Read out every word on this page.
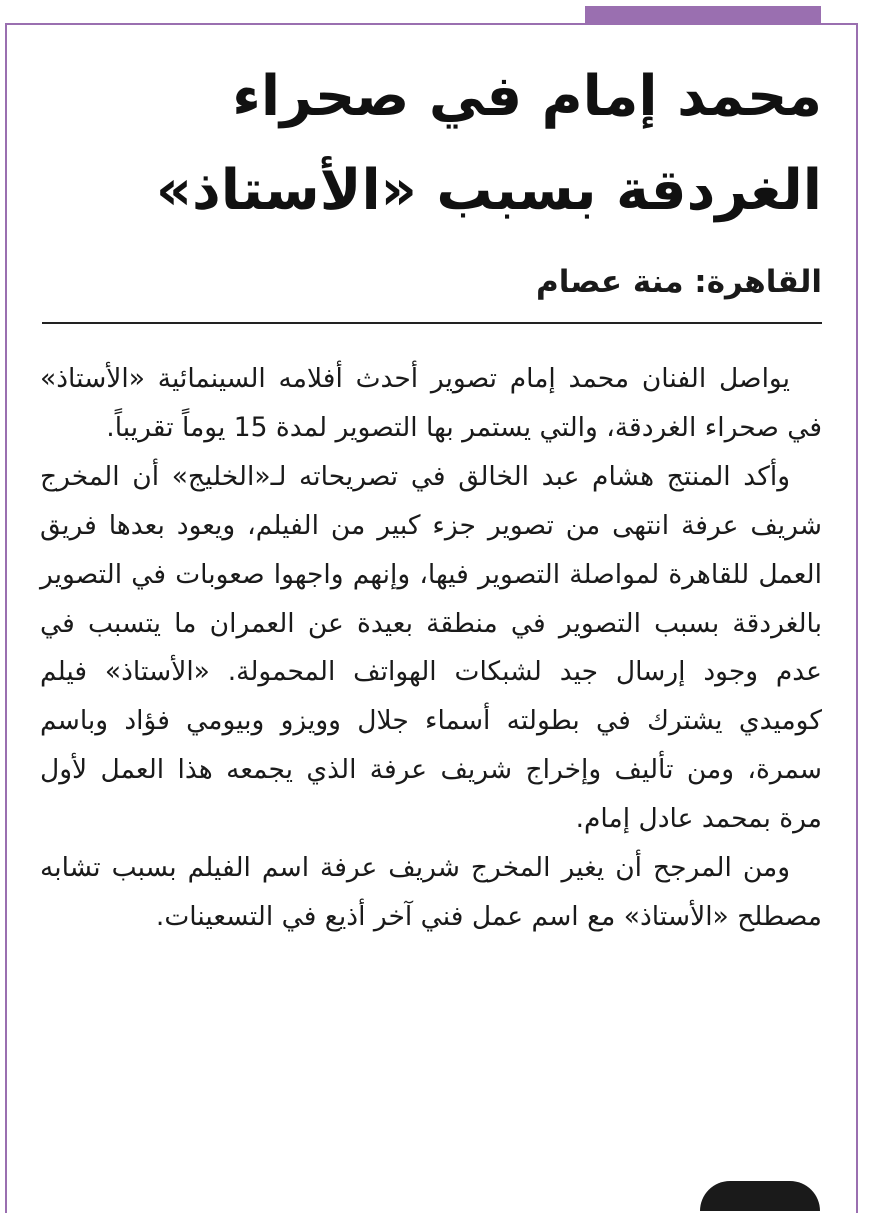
محمد إمام في صحراء
الغردقة بسبب «الأستاذ»

القاهرة: منة عصام

يواصل الفنان محمد إمام تصوير أحدث أفلامه السينمائية «الأستاذ» في صحراء الغردقة، والتي يستمر بها التصوير لمدة 15 يوماً تقريباً.

وأكد المنتج هشام عبد الخالق في تصريحاته لـ«الخليج» أن المخرج شريف عرفة انتهى من تصوير جزء كبير من الفيلم، ويعود بعدها فريق العمل للقاهرة لمواصلة التصوير فيها، وإنهم واجهوا صعوبات في التصوير بالغردقة بسبب التصوير في منطقة بعيدة عن العمران ما يتسبب في عدم وجود إرسال جيد لشبكات الهواتف المحمولة. «الأستاذ» فيلم كوميدي يشترك في بطولته أسماء جلال وويزو وبيومي فؤاد وباسم سمرة، ومن تأليف وإخراج شريف عرفة الذي يجمعه هذا العمل لأول مرة بمحمد عادل إمام.

ومن المرجح أن يغير المخرج شريف عرفة اسم الفيلم بسبب تشابه مصطلح «الأستاذ» مع اسم عمل فني آخر أذيع في التسعينات.
